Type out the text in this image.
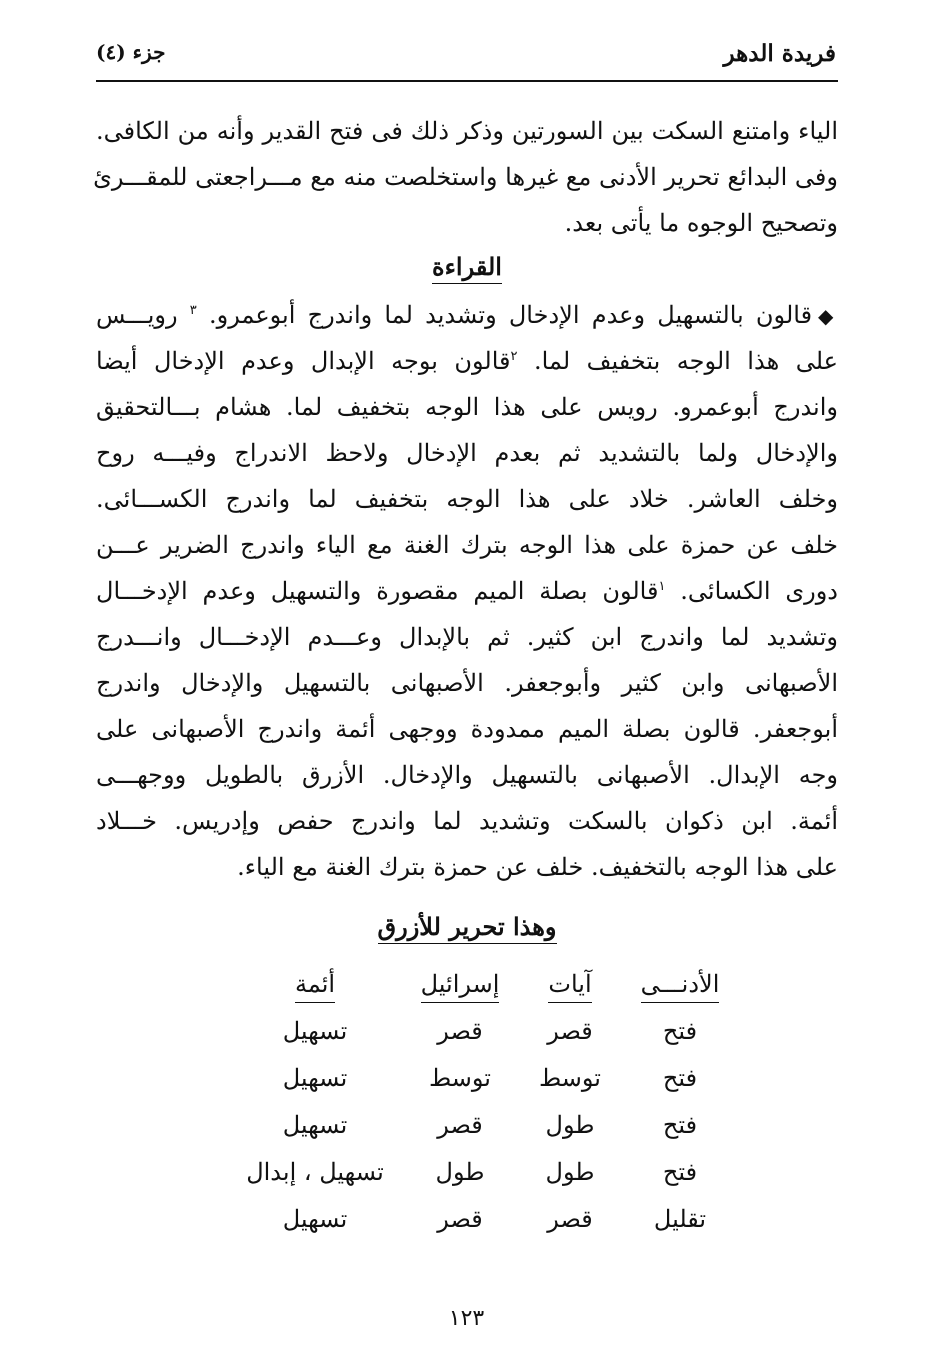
فريدة الدهر
جزء (٤)
الياء وامتنع السكت بين السورتين وذكر ذلك فى فتح القدير وأنه من الكافى.
وفى البدائع تحرير الأدنى مع غيرها واستخلصت منه مع مـــراجعتى للمقـــرئ
وتصحيح الوجوه ما يأتى بعد.
القراءة
◆قالون بالتسهيل وعدم الإدخال وتشديد لما واندرج أبوعمرو. $^٣$ رويـــس
على هذا الوجه بتخفيف لما. $^٢$قالون بوجه الإبدال وعدم الإدخال أيضا
واندرج أبوعمرو. رويس على هذا الوجه بتخفيف لما. هشام بـــالتحقيق
والإدخال ولما بالتشديد ثم بعدم الإدخال ولاحظ الاندراج وفيـــه روح
وخلف العاشر. خلاد على هذا الوجه بتخفيف لما واندرج الكســـائى.
خلف عن حمزة على هذا الوجه بترك الغنة مع الياء واندرج الضرير عـــن
دورى الكسائى. $^١$قالون بصلة الميم مقصورة والتسهيل وعدم الإدخـــال
وتشديد لما واندرج ابن كثير. ثم بالإبدال وعـــدم الإدخـــال وانـــدرج
الأصبهانى وابن كثير وأبوجعفر. الأصبهانى بالتسهيل والإدخال واندرج
أبوجعفر. قالون بصلة الميم ممدودة ووجهى أئمة واندرج الأصبهانى على
وجه الإبدال. الأصبهانى بالتسهيل والإدخال. الأزرق بالطويل ووجهـــى
أئمة. ابن ذكوان بالسكت وتشديد لما واندرج حفص وإدريس. خـــلاد
على هذا الوجه بالتخفيف. خلف عن حمزة بترك الغنة مع الياء.
وهذا تحرير للأزرق
الأدنـــى
آيات
إسرائيل
أئمة
فتح
قصر
قصر
تسهيل
فتح
توسط
توسط
تسهيل
فتح
طول
قصر
تسهيل
فتح
طول
طول
تسهيل ، إبدال
تقليل
قصر
قصر
تسهيل
١٢٣
